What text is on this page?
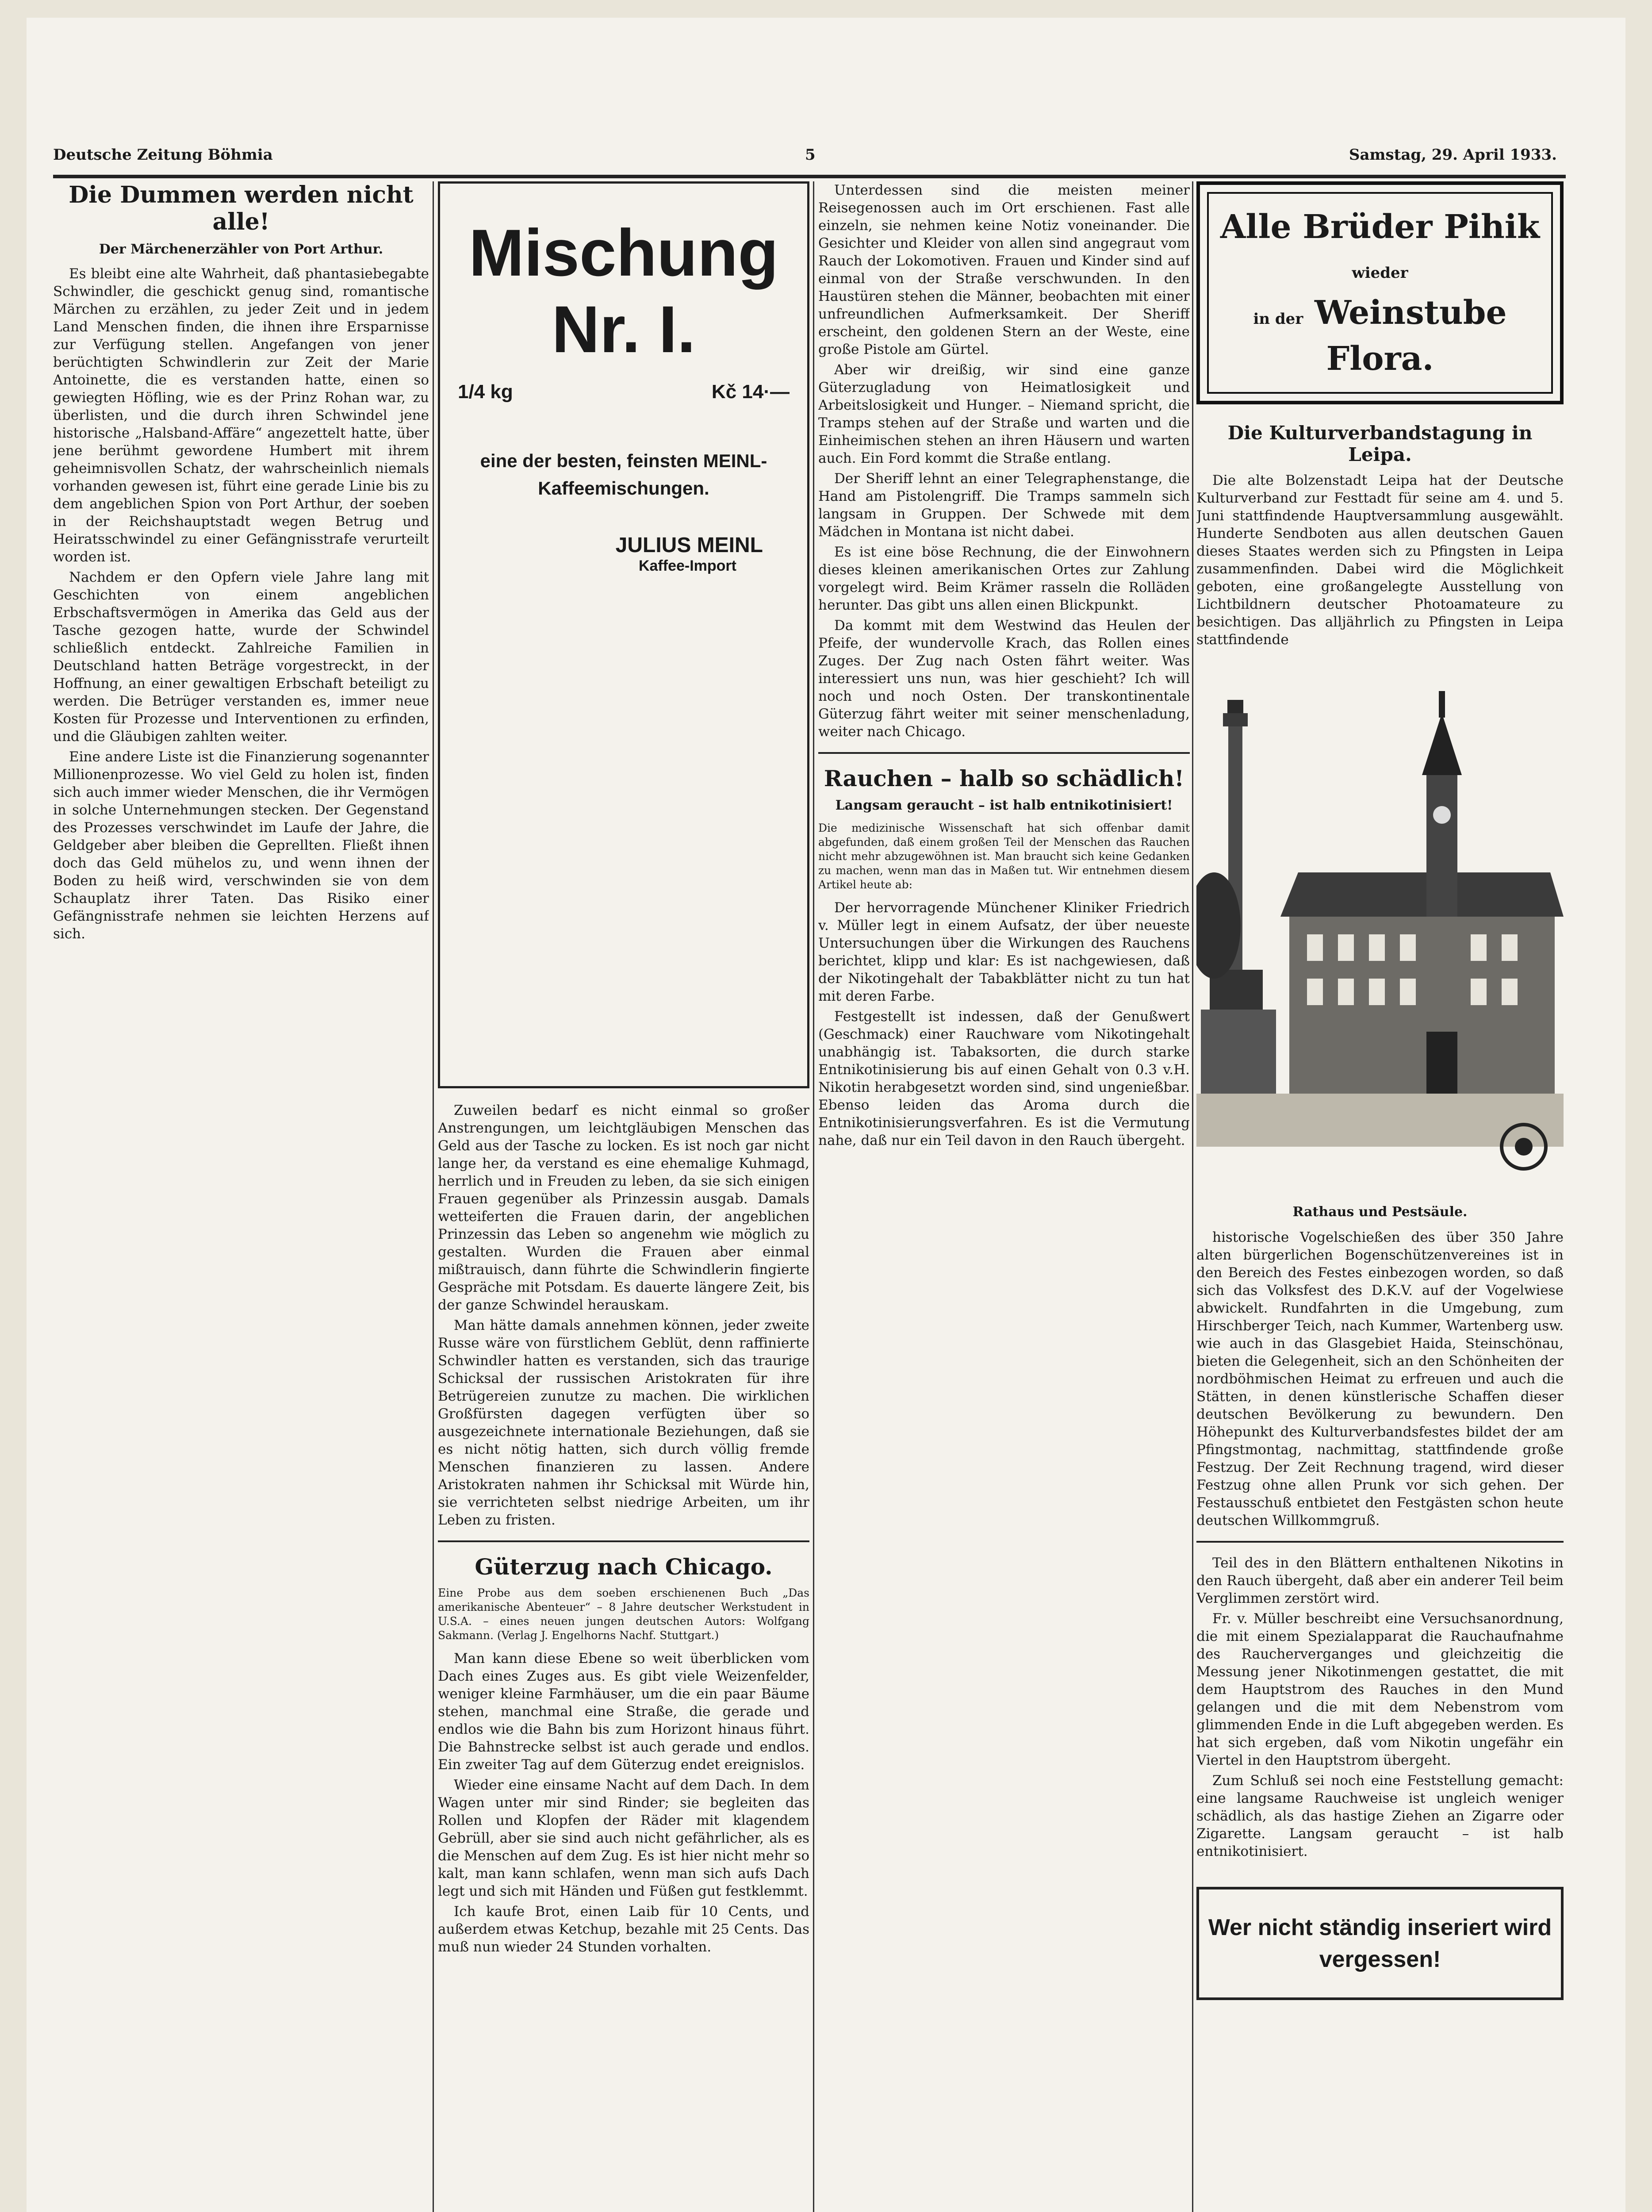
Deutsche Zeitung Böhmia	5	Samstag, 29. April 1933.
Die Dummen werden nicht alle!
Der Märchenerzähler von Port Arthur.

Es bleibt eine alte Wahrheit, daß phantasiebegabte Schwindler, die geschickt genug sind, romantische Märchen zu erzählen, zu jeder Zeit und in jedem Land Menschen finden, die ihnen ihre Ersparnisse zur Verfügung stellen. Angefangen von jener berüchtigten Schwindlerin zur Zeit der Marie Antoinette, die es verstanden hatte, einen so gewiegten Höfling, wie es der Prinz Rohan war, zu überlisten, und die durch ihren Schwindel jene historische „Halsband-Affäre“ angezettelt hatte, über jene berühmt gewordene Humbert mit ihrem geheimnisvollen Schatz, der wahrscheinlich niemals vorhanden gewesen ist, führt eine gerade Linie bis zu dem angeblichen Spion von Port Arthur, der soeben in der Reichshauptstadt wegen Betrug und Heiratsschwindel zu einer Gefängnisstrafe verurteilt worden ist.

Nachdem er den Opfern viele Jahre lang mit Geschichten von einem angeblichen Erbschaftsvermögen in Amerika das Geld aus der Tasche gezogen hatte, wurde der Schwindel schließlich entdeckt. Zahlreiche Familien in Deutschland hatten Beträge vorgestreckt, in der Hoffnung, an einer gewaltigen Erbschaft beteiligt zu werden. Die Betrüger verstanden es, immer neue Kosten für Prozesse und Interventionen zu erfinden, und die Gläubigen zahlten weiter.

Eine andere Liste ist die Finanzierung sogenannter Millionenprozesse. Wo viel Geld zu holen ist, finden sich auch immer wieder Menschen, die ihr Vermögen in solche Unternehmungen stecken. Der Gegenstand des Prozesses verschwindet im Laufe der Jahre, die Geldgeber aber bleiben die Geprellten. Fließt ihnen doch das Geld mühelos zu, und wenn ihnen der Boden zu heiß wird, verschwinden sie von dem Schauplatz ihrer Taten. Das Risiko einer Gefängnisstrafe nehmen sie leichten Herzens auf sich.

Mischung Nr. I.
1/4 kg	Kč 14·—
eine der besten, feinsten MEINL-Kaffeemischungen.
JULIUS MEINL
Kaffee-Import

Zuweilen bedarf es nicht einmal so großer Anstrengungen, um leichtgläubigen Menschen das Geld aus der Tasche zu locken. Es ist noch gar nicht lange her, da verstand es eine ehemalige Kuhmagd, herrlich und in Freuden zu leben, da sie sich einigen Frauen gegenüber als Prinzessin ausgab. Damals wetteiferten die Frauen darin, der angeblichen Prinzessin das Leben so angenehm wie möglich zu gestalten. Wurden die Frauen aber einmal mißtrauisch, dann führte die Schwindlerin fingierte Gespräche mit Potsdam. Es dauerte längere Zeit, bis der ganze Schwindel herauskam.

Man hätte damals annehmen können, jeder zweite Russe wäre von fürstlichem Geblüt, denn raffinierte Schwindler hatten es verstanden, sich das traurige Schicksal der russischen Aristokraten für ihre Betrügereien zunutze zu machen. Die wirklichen Großfürsten dagegen verfügten über so ausgezeichnete internationale Beziehungen, daß sie es nicht nötig hatten, sich durch völlig fremde Menschen finanzieren zu lassen. Andere Aristokraten nahmen ihr Schicksal mit Würde hin, sie verrichteten selbst niedrige Arbeiten, um ihr Leben zu fristen.

Güterzug nach Chicago.
Eine Probe aus dem soeben erschienenen Buch „Das amerikanische Abenteuer“ – 8 Jahre deutscher Werkstudent in U.S.A. – eines neuen jungen deutschen Autors: Wolfgang Sakmann. (Verlag J. Engelhorns Nachf. Stuttgart.)

Man kann diese Ebene so weit überblicken vom Dach eines Zuges aus. Es gibt viele Weizenfelder, weniger kleine Farmhäuser, um die ein paar Bäume stehen, manchmal eine Straße, die gerade und endlos wie die Bahn bis zum Horizont hinaus führt. Die Bahnstrecke selbst ist auch gerade und endlos. Ein zweiter Tag auf dem Güterzug endet ereignislos.

Wieder eine einsame Nacht auf dem Dach. In dem Wagen unter mir sind Rinder; sie begleiten das Rollen und Klopfen der Räder mit klagendem Gebrüll, aber sie sind auch nicht gefährlicher, als es die Menschen auf dem Zug. Es ist hier nicht mehr so kalt, man kann schlafen, wenn man sich aufs Dach legt und sich mit Händen und Füßen gut festklemmt.

Ich kaufe Brot, einen Laib für 10 Cents, und außerdem etwas Ketchup, bezahle mit 25 Cents. Das muß nun wieder 24 Stunden vorhalten.

Unterdessen sind die meisten meiner Reisegenossen auch im Ort erschienen. Fast alle einzeln, sie nehmen keine Notiz voneinander. Die Gesichter und Kleider von allen sind angegraut vom Rauch der Lokomotiven. Frauen und Kinder sind auf einmal von der Straße verschwunden. In den Haustüren stehen die Männer, beobachten mit einer unfreundlichen Aufmerksamkeit. Der Sheriff erscheint, den goldenen Stern an der Weste, eine große Pistole am Gürtel.

Aber wir dreißig, wir sind eine ganze Güterzugladung von Heimatlosigkeit und Arbeitslosigkeit und Hunger. – Niemand spricht, die Tramps stehen auf der Straße und warten und die Einheimischen stehen an ihren Häusern und warten auch. Ein Ford kommt die Straße entlang.

Der Sheriff lehnt an einer Telegraphenstange, die Hand am Pistolengriff. Die Tramps sammeln sich langsam in Gruppen. Der Schwede mit dem Mädchen in Montana ist nicht dabei.

Es ist eine böse Rechnung, die der Einwohnern dieses kleinen amerikanischen Ortes zur Zahlung vorgelegt wird. Beim Krämer rasseln die Rolläden herunter. Das gibt uns allen einen Blickpunkt.

Da kommt mit dem Westwind das Heulen der Pfeife, der wundervolle Krach, das Rollen eines Zuges. Der Zug nach Osten fährt weiter. Was interessiert uns nun, was hier geschieht? Ich will noch und noch Osten. Der transkontinentale Güterzug fährt weiter mit seiner menschenladung, weiter nach Chicago.

Rauchen – halb so schädlich!
Langsam geraucht – ist halb entnikotinisiert!
Die medizinische Wissenschaft hat sich offenbar damit abgefunden, daß einem großen Teil der Menschen das Rauchen nicht mehr abzugewöhnen ist. Man braucht sich keine Gedanken zu machen, wenn man das in Maßen tut. Wir entnehmen diesem Artikel heute ab:

Der hervorragende Münchener Kliniker Friedrich v. Müller legt in einem Aufsatz, der über neueste Untersuchungen über die Wirkungen des Rauchens berichtet, klipp und klar: Es ist nachgewiesen, daß der Nikotingehalt der Tabakblätter nicht zu tun hat mit deren Farbe.

Festgestellt ist indessen, daß der Genußwert (Geschmack) einer Rauchware vom Nikotingehalt unabhängig ist. Tabaksorten, die durch starke Entnikotinisierung bis auf einen Gehalt von 0.3 v.H. Nikotin herabgesetzt worden sind, sind ungenießbar. Ebenso leiden das Aroma durch die Entnikotinisierungsverfahren. Es ist die Vermutung nahe, daß nur ein Teil davon in den Rauch übergeht.

Alle Brüder Pihik wieder
in der Weinstube Flora.
Die Kulturverbandstagung in Leipa.

Die alte Bolzenstadt Leipa hat der Deutsche Kulturverband zur Festtadt für seine am 4. und 5. Juni stattfindende Hauptversammlung ausgewählt. Hunderte Sendboten aus allen deutschen Gauen dieses Staates werden sich zu Pfingsten in Leipa zusammenfinden. Dabei wird die Möglichkeit geboten, eine großangelegte Ausstellung von Lichtbildnern deutscher Photoamateure zu besichtigen. Das alljährlich zu Pfingsten in Leipa stattfindende

Rathaus und Pestsäule.

historische Vogelschießen des über 350 Jahre alten bürgerlichen Bogenschützenvereines ist in den Bereich des Festes einbezogen worden, so daß sich das Volksfest des D.K.V. auf der Vogelwiese abwickelt. Rundfahrten in die Umgebung, zum Hirschberger Teich, nach Kummer, Wartenberg usw. wie auch in das Glasgebiet Haida, Steinschönau, bieten die Gelegenheit, sich an den Schönheiten der nordböhmischen Heimat zu erfreuen und auch die Stätten, in denen künstlerische Schaffen dieser deutschen Bevölkerung zu bewundern. Den Höhepunkt des Kulturverbandsfestes bildet der am Pfingstmontag, nachmittag, stattfindende große Festzug. Der Zeit Rechnung tragend, wird dieser Festzug ohne allen Prunk vor sich gehen. Der Festausschuß entbietet den Festgästen schon heute deutschen Willkommgruß.

Teil des in den Blättern enthaltenen Nikotins in den Rauch übergeht, daß aber ein anderer Teil beim Verglimmen zerstört wird.

Fr. v. Müller beschreibt eine Versuchsanordnung, die mit einem Spezialapparat die Rauchaufnahme des Raucherverganges und gleichzeitig die Messung jener Nikotinmengen gestattet, die mit dem Hauptstrom des Rauches in den Mund gelangen und die mit dem Nebenstrom vom glimmenden Ende in die Luft abgegeben werden. Es hat sich ergeben, daß vom Nikotin ungefähr ein Viertel in den Hauptstrom übergeht.

Zum Schluß sei noch eine Feststellung gemacht: eine langsame Rauchweise ist ungleich weniger schädlich, als das hastige Ziehen an Zigarre oder Zigarette. Langsam geraucht – ist halb entnikotinisiert.

Wer nicht ständig inseriert wird vergessen!
